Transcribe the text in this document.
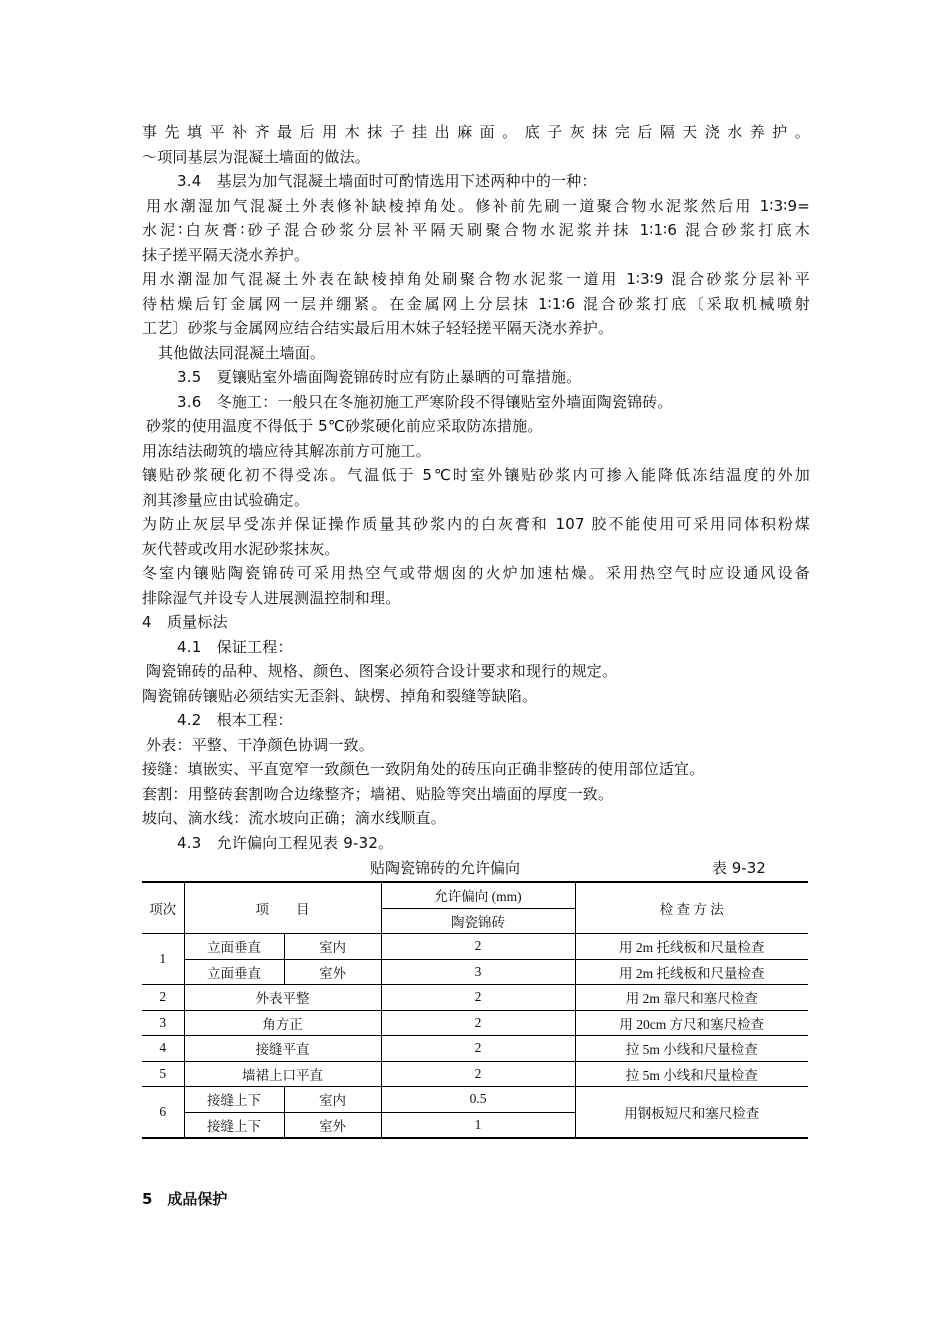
事先填平补齐最后用木抹子挂出麻面。底子灰抹完后隔天浇水养护。
〜项同基层为混凝土墙面的做法。
3.4　基层为加气混凝土墙面时可酌情选用下述两种中的一种：
用水潮湿加气混凝土外表修补缺棱掉角处。修补前先刷一道聚合物水泥浆然后用 1∶3∶9=
水泥∶白灰膏∶砂子混合砂浆分层补平隔天刷聚合物水泥浆并抹 1∶1∶6 混合砂浆打底木
抹子搓平隔天浇水养护。
用水潮湿加气混凝土外表在缺棱掉角处刷聚合物水泥浆一道用 1∶3∶9 混合砂浆分层补平
待枯燥后钉金属网一层并绷紧。在金属网上分层抹 1∶1∶6 混合砂浆打底〔采取机械喷射
工艺〕砂浆与金属网应结合结实最后用木妹子轻轻搓平隔天浇水养护。
其他做法同混凝土墙面。
3.5　夏镶贴室外墙面陶瓷锦砖时应有防止暴晒的可靠措施。
3.6　冬施工：一般只在冬施初施工严寒阶段不得镶贴室外墙面陶瓷锦砖。
砂浆的使用温度不得低于 5℃砂浆硬化前应采取防冻措施。
用冻结法砌筑的墙应待其解冻前方可施工。
镶贴砂浆硬化初不得受冻。气温低于 5℃时室外镶贴砂浆内可掺入能降低冻结温度的外加
剂其渗量应由试验确定。
为防止灰层早受冻并保证操作质量其砂浆内的白灰膏和 107 胶不能使用可采用同体积粉煤
灰代替或改用水泥砂浆抹灰。
冬室内镶贴陶瓷锦砖可采用热空气或带烟囱的火炉加速枯燥。采用热空气时应设通风设备
排除湿气并设专人进展测温控制和理。
4　质量标法
4.1　保证工程：
陶瓷锦砖的品种、规格、颜色、图案必须符合设计要求和现行的规定。
陶瓷锦砖镶贴必须结实无歪斜、缺楞、掉角和裂缝等缺陷。
4.2　根本工程：
外表：平整、干净颜色协调一致。
接缝：填嵌实、平直宽窄一致颜色一致阴角处的砖压向正确非整砖的使用部位适宜。
套割：用整砖套割吻合边缘整齐；墙裙、贴脸等突出墙面的厚度一致。
坡向、滴水线：流水坡向正确；滴水线顺直。
4.3　允许偏向工程见表 9-32。
贴陶瓷锦砖的允许偏向	表 9-32
项次	项　　目		允许偏向 (mm)	检 查 方 法
			陶瓷锦砖	
1	立面垂直	室内	2	用 2m 托线板和尺量检查
	立面垂直	室外	3	用 2m 托线板和尺量检查
2	外表平整		2	用 2m 靠尺和塞尺检查
3	角方正		2	用 20cm 方尺和塞尺检查
4	接缝平直		2	拉 5m 小线和尺量检查
5	墙裙上口平直		2	拉 5m 小线和尺量检查
6	接缝上下	室内	0.5	用钢板短尺和塞尺检查
	接缝上下	室外	1	
5　成品保护
